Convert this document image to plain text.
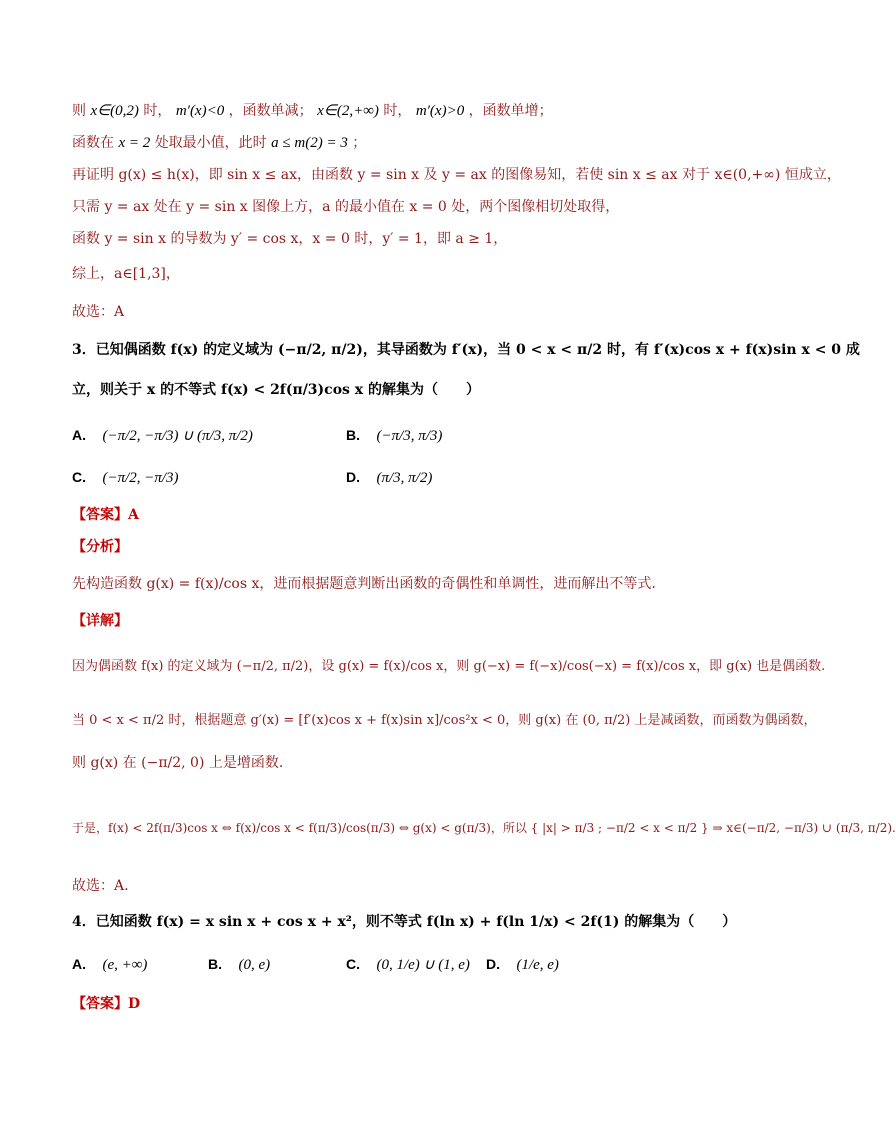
则 x∈(0,2) 时， m′(x)<0 ，函数单减； x∈(2,+∞) 时， m′(x)>0 ，函数单增；
函数在 x = 2 处取最小值，此时 a ≤ m(2) = 3 ；
再证明 g(x) ≤ h(x)，即 sin x ≤ ax，由函数 y = sin x 及 y = ax 的图像易知，若使 sin x ≤ ax 对于 x∈(0,+∞) 恒成立，
只需 y = ax 处在 y = sin x 图像上方，a 的最小值在 x = 0 处，两个图像相切处取得，
函数 y = sin x 的导数为 y′ = cos x，x = 0 时，y′ = 1，即 a ≥ 1，
综上，a∈[1,3]，
故选：A
3．已知偶函数 f(x) 的定义域为 (−π/2, π/2)，其导函数为 f′(x)，当 0 < x < π/2 时，有 f′(x)cos x + f(x)sin x < 0 成
立，则关于 x 的不等式 f(x) < 2f(π/3)cos x 的解集为（　　）
A. (−π/2, −π/3) ∪ (π/3, π/2)	B. (−π/3, π/3)
C. (−π/2, −π/3)	D. (π/3, π/2)
【答案】A
【分析】
先构造函数 g(x) = f(x)/cos x，进而根据题意判断出函数的奇偶性和单调性，进而解出不等式.
【详解】
因为偶函数 f(x) 的定义域为 (−π/2, π/2)，设 g(x) = f(x)/cos x，则 g(−x) = f(−x)/cos(−x) = f(x)/cos x，即 g(x) 也是偶函数.
当 0 < x < π/2 时，根据题意 g′(x) = [f′(x)cos x + f(x)sin x]/cos²x < 0，则 g(x) 在 (0, π/2) 上是减函数，而函数为偶函数，
则 g(x) 在 (−π/2, 0) 上是增函数.
于是，f(x) < 2f(π/3)cos x ⇔ f(x)/cos x < f(π/3)/cos(π/3) ⇔ g(x) < g(π/3)，所以 { |x| > π/3 ; −π/2 < x < π/2 } ⇒ x∈(−π/2, −π/3) ∪ (π/3, π/2).
故选：A.
4．已知函数 f(x) = x sin x + cos x + x²，则不等式 f(ln x) + f(ln 1/x) < 2f(1) 的解集为（　　）
A. (e, +∞)	B. (0, e)	C. (0, 1/e) ∪ (1, e) D. (1/e, e)
【答案】D
